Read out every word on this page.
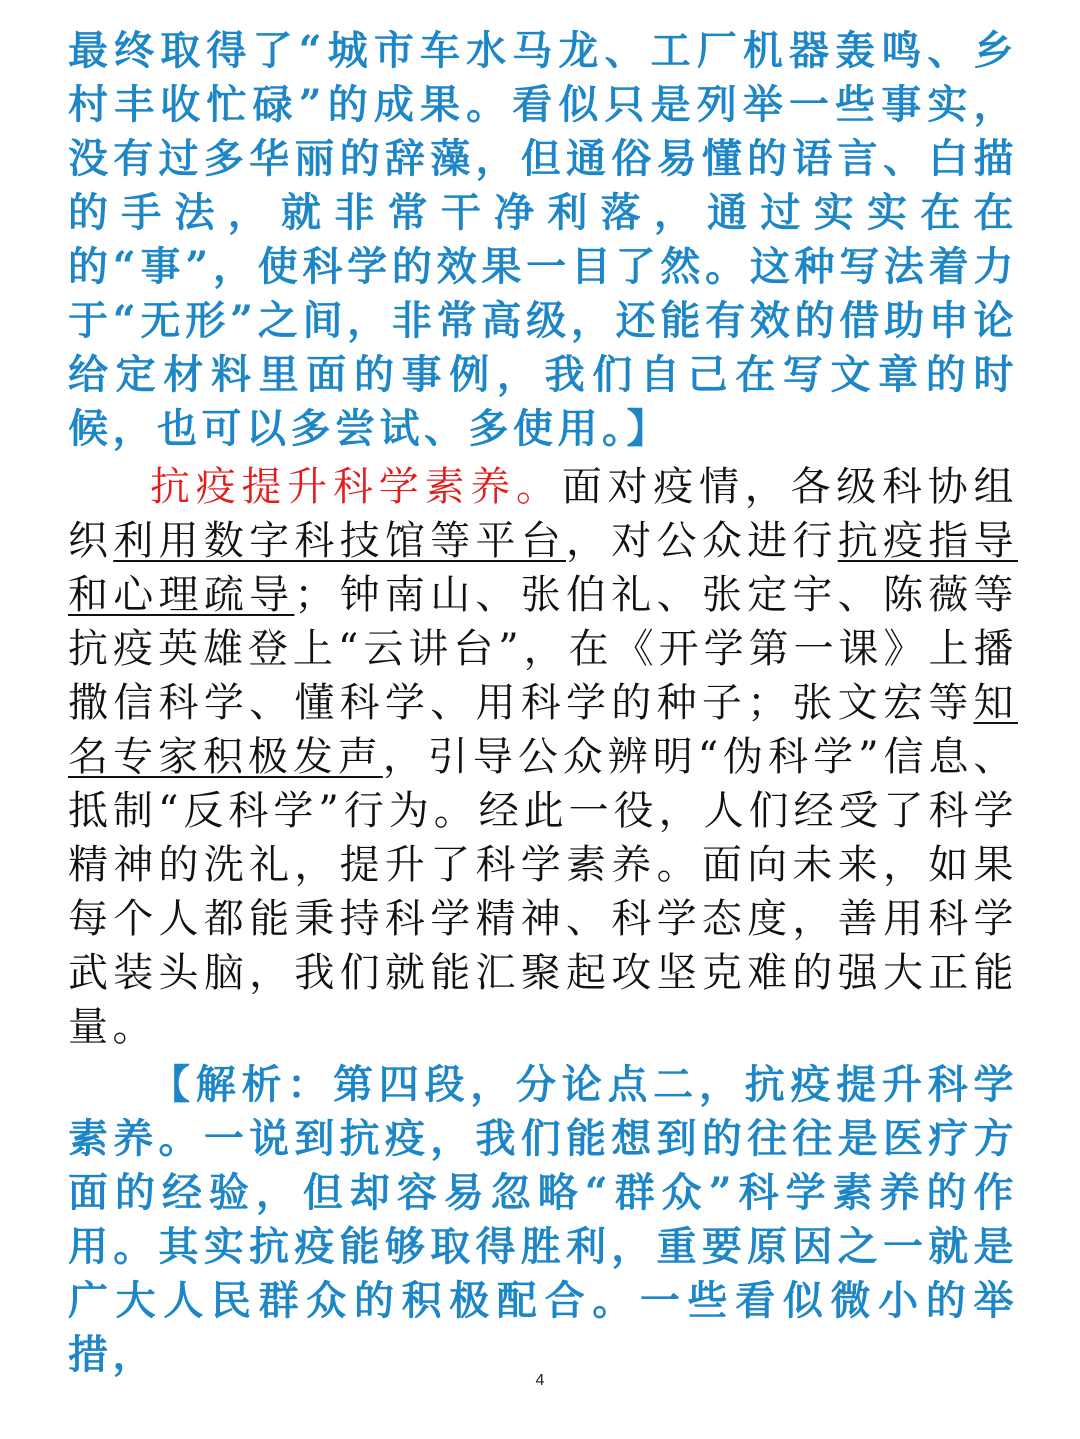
最终取得了“城市车水马龙、工厂机器轰鸣、乡村丰收忙碌”的成果。看似只是列举一些事实，没有过多华丽的辞藻，但通俗易懂的语言、白描的手法，就非常干净利落，通过实实在在的“事”，使科学的效果一目了然。这种写法着力于“无形”之间，非常高级，还能有效的借助申论给定材料里面的事例，我们自己在写文章的时候，也可以多尝试、多使用。】
抗疫提升科学素养。面对疫情，各级科协组织利用数字科技馆等平台，对公众进行抗疫指导和心理疏导；钟南山、张伯礼、张定宇、陈薇等抗疫英雄登上“云讲台”，在《开学第一课》上播撒信科学、懂科学、用科学的种子；张文宏等知名专家积极发声，引导公众辨明“伪科学”信息、抵制“反科学”行为。经此一役，人们经受了科学精神的洗礼，提升了科学素养。面向未来，如果每个人都能秉持科学精神、科学态度，善用科学武装头脑，我们就能汇聚起攻坚克难的强大正能量。
【解析：第四段，分论点二，抗疫提升科学素养。一说到抗疫，我们能想到的往往是医疗方面的经验，但却容易忽略“群众”科学素养的作用。其实抗疫能够取得胜利，重要原因之一就是广大人民群众的积极配合。一些看似微小的举措，
4
